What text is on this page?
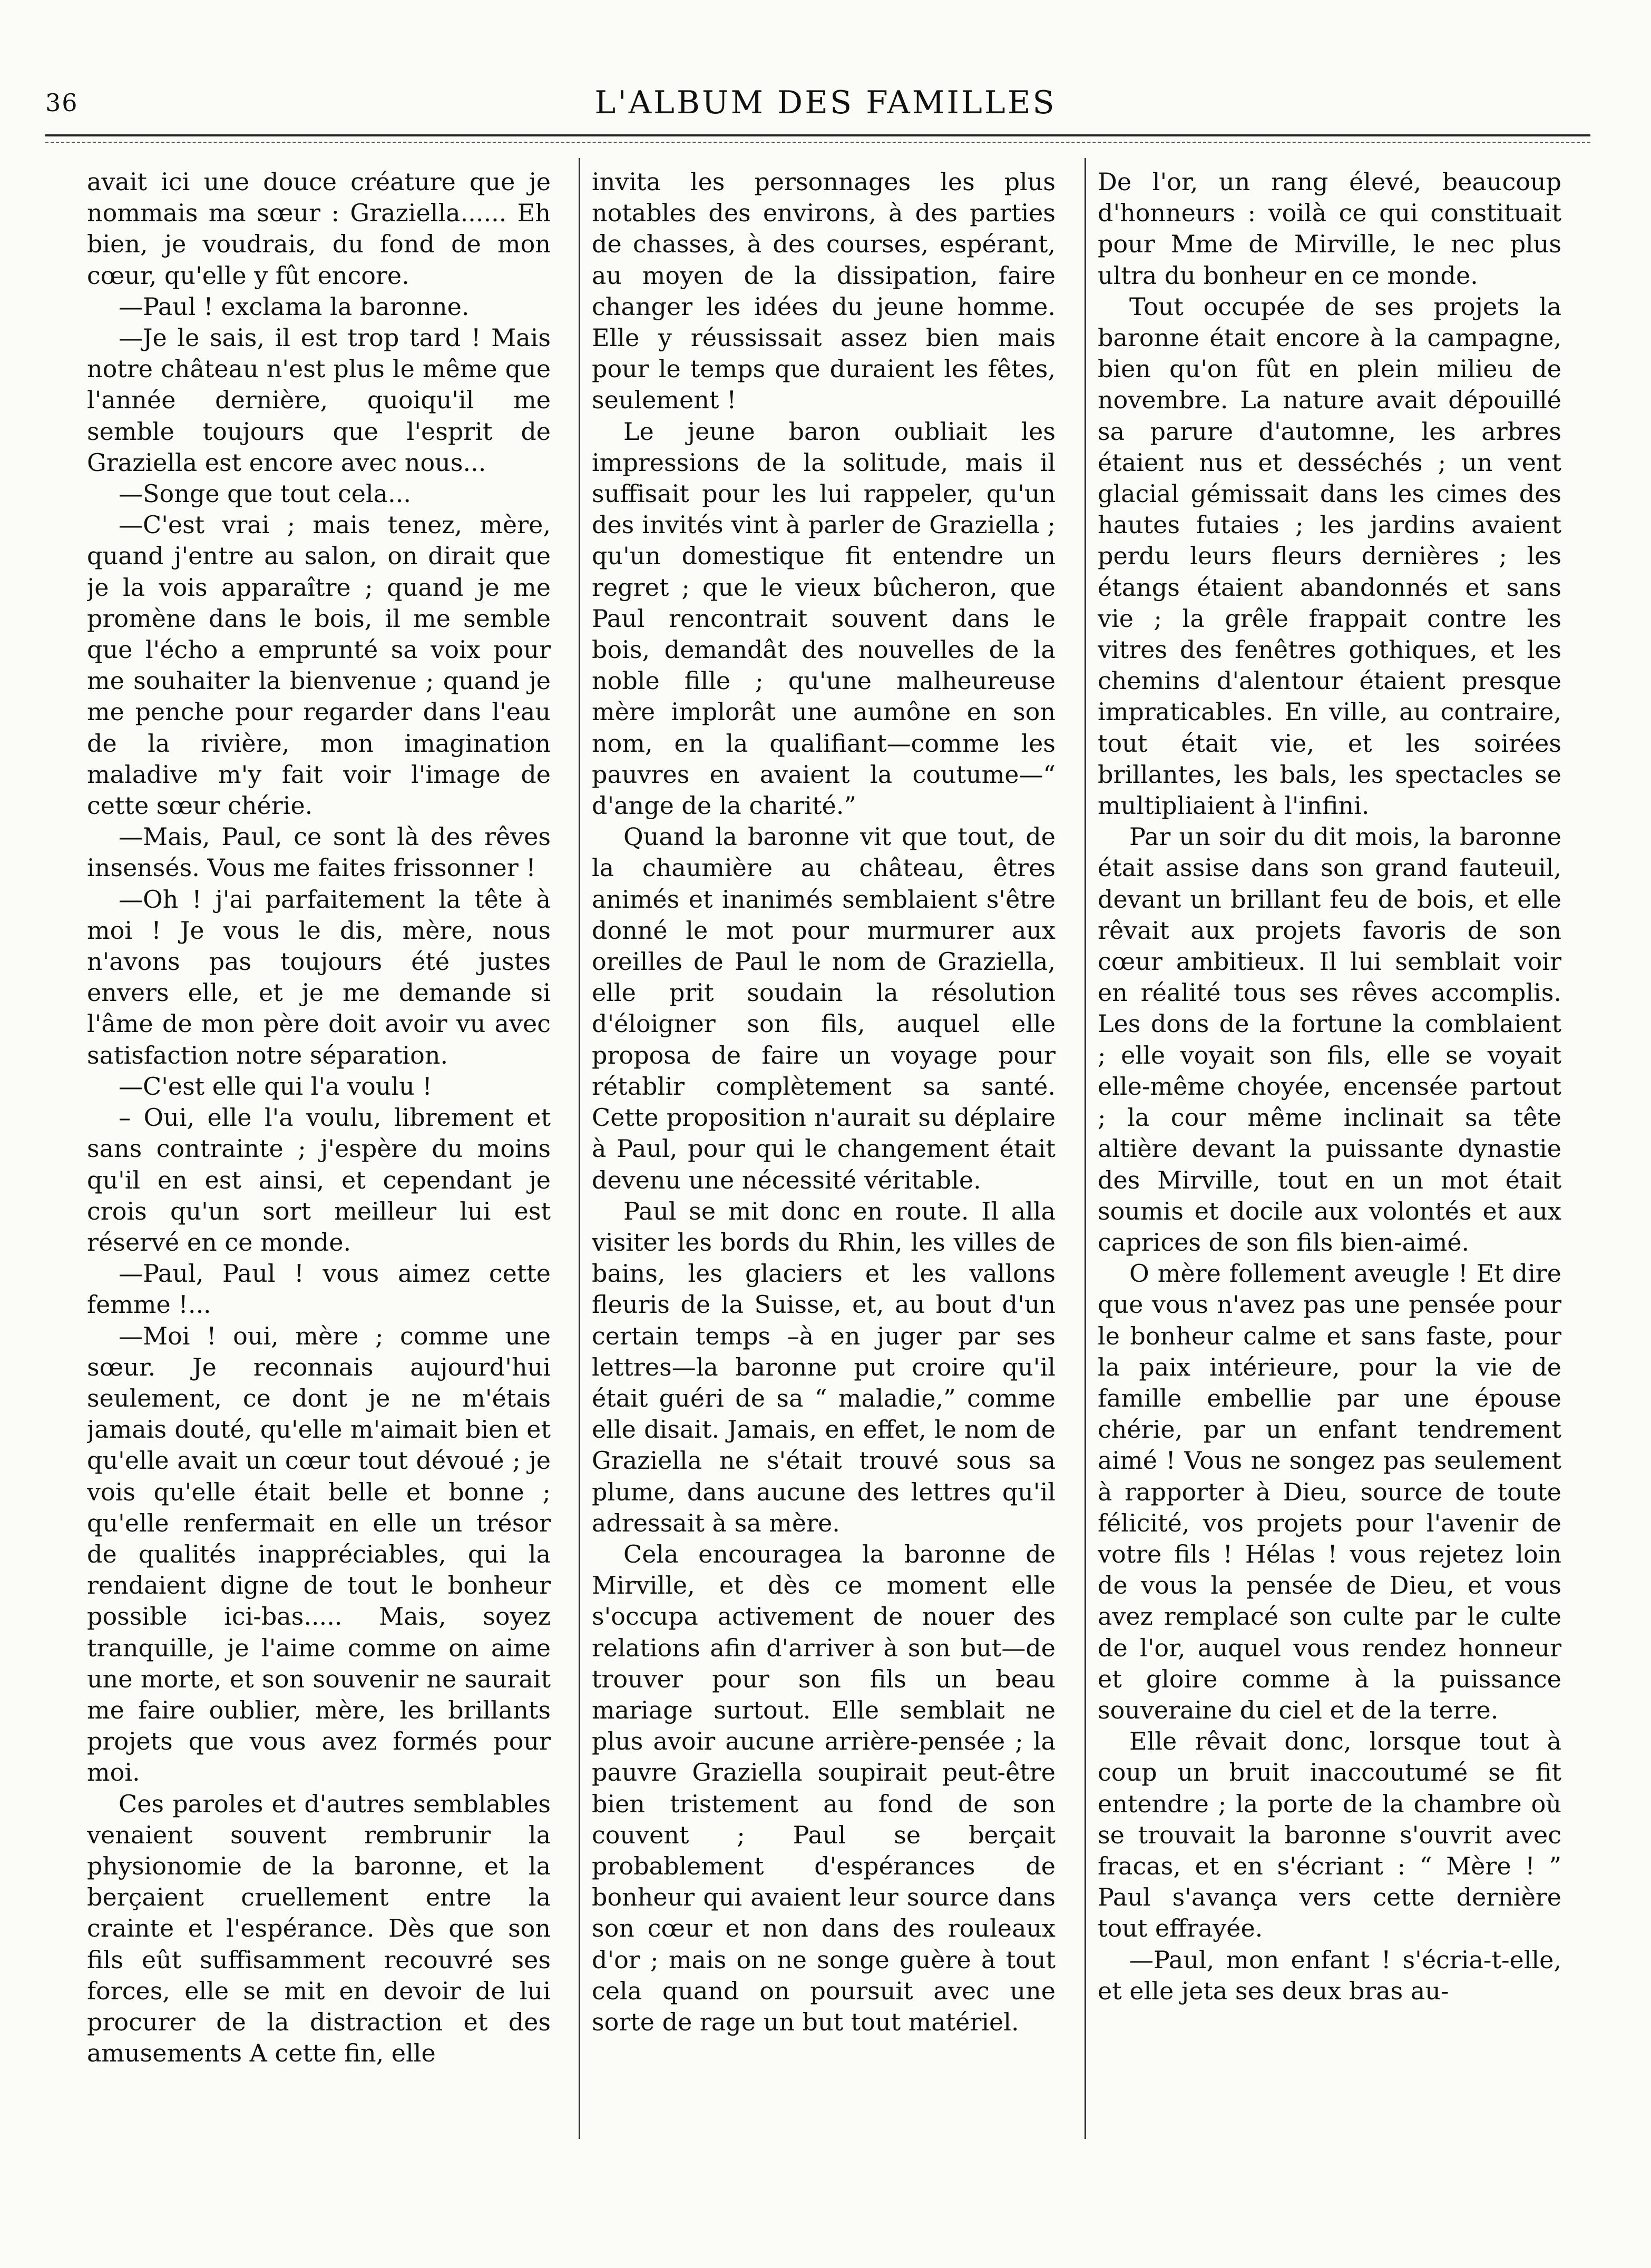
36	L'ALBUM DES FAMILLES

avait ici une douce créature que je nommais ma sœur : Graziella...... Eh bien, je voudrais, du fond de mon cœur, qu'elle y fût encore.

—Paul ! exclama la baronne.

—Je le sais, il est trop tard ! Mais notre château n'est plus le même que l'année dernière, quoiqu'il me semble toujours que l'esprit de Graziella est encore avec nous...

—Songe que tout cela...

—C'est vrai ; mais tenez, mère, quand j'entre au salon, on dirait que je la vois apparaître ; quand je me promène dans le bois, il me semble que l'écho a emprunté sa voix pour me souhaiter la bienvenue ; quand je me penche pour regarder dans l'eau de la rivière, mon imagination maladive m'y fait voir l'image de cette sœur chérie.

—Mais, Paul, ce sont là des rêves insensés. Vous me faites frissonner !

—Oh ! j'ai parfaitement la tête à moi ! Je vous le dis, mère, nous n'avons pas toujours été justes envers elle, et je me demande si l'âme de mon père doit avoir vu avec satisfaction notre séparation.

—C'est elle qui l'a voulu !

– Oui, elle l'a voulu, librement et sans contrainte ; j'espère du moins qu'il en est ainsi, et cependant je crois qu'un sort meilleur lui est réservé en ce monde.

—Paul, Paul ! vous aimez cette femme !...

—Moi ! oui, mère ; comme une sœur. Je reconnais aujourd'hui seulement, ce dont je ne m'étais jamais douté, qu'elle m'aimait bien et qu'elle avait un cœur tout dévoué ; je vois qu'elle était belle et bonne ; qu'elle renfermait en elle un trésor de qualités inappréciables, qui la rendaient digne de tout le bonheur possible ici-bas..... Mais, soyez tranquille, je l'aime comme on aime une morte, et son souvenir ne saurait me faire oublier, mère, les brillants projets que vous avez formés pour moi.

Ces paroles et d'autres semblables venaient souvent rembrunir la physionomie de la baronne, et la berçaient cruellement entre la crainte et l'espérance. Dès que son fils eût suffisamment recouvré ses forces, elle se mit en devoir de lui procurer de la distraction et des amusements A cette fin, elle

invita les personnages les plus notables des environs, à des parties de chasses, à des courses, espérant, au moyen de la dissipation, faire changer les idées du jeune homme. Elle y réussissait assez bien mais pour le temps que duraient les fêtes, seulement !

Le jeune baron oubliait les impressions de la solitude, mais il suffisait pour les lui rappeler, qu'un des invités vint à parler de Graziella ; qu'un domestique fit entendre un regret ; que le vieux bûcheron, que Paul rencontrait souvent dans le bois, demandât des nouvelles de la noble fille ; qu'une malheureuse mère implorât une aumône en son nom, en la qualifiant—comme les pauvres en avaient la coutume—“ d'ange de la charité.”

Quand la baronne vit que tout, de la chaumière au château, êtres animés et inanimés semblaient s'être donné le mot pour murmurer aux oreilles de Paul le nom de Graziella, elle prit soudain la résolution d'éloigner son fils, auquel elle proposa de faire un voyage pour rétablir complètement sa santé. Cette proposition n'aurait su déplaire à Paul, pour qui le changement était devenu une nécessité véritable.

Paul se mit donc en route. Il alla visiter les bords du Rhin, les villes de bains, les glaciers et les vallons fleuris de la Suisse, et, au bout d'un certain temps –à en juger par ses lettres—la baronne put croire qu'il était guéri de sa “ maladie,” comme elle disait. Jamais, en effet, le nom de Graziella ne s'était trouvé sous sa plume, dans aucune des lettres qu'il adressait à sa mère.

Cela encouragea la baronne de Mirville, et dès ce moment elle s'occupa activement de nouer des relations afin d'arriver à son but—de trouver pour son fils un beau mariage surtout. Elle semblait ne plus avoir aucune arrière-pensée ; la pauvre Graziella soupirait peut-être bien tristement au fond de son couvent ; Paul se berçait probablement d'espérances de bonheur qui avaient leur source dans son cœur et non dans des rouleaux d'or ; mais on ne songe guère à tout cela quand on poursuit avec une sorte de rage un but tout matériel.

De l'or, un rang élevé, beaucoup d'honneurs : voilà ce qui constituait pour Mme de Mirville, le nec plus ultra du bonheur en ce monde.

Tout occupée de ses projets la baronne était encore à la campagne, bien qu'on fût en plein milieu de novembre. La nature avait dépouillé sa parure d'automne, les arbres étaient nus et desséchés ; un vent glacial gémissait dans les cimes des hautes futaies ; les jardins avaient perdu leurs fleurs dernières ; les étangs étaient abandonnés et sans vie ; la grêle frappait contre les vitres des fenêtres gothiques, et les chemins d'alentour étaient presque impraticables. En ville, au contraire, tout était vie, et les soirées brillantes, les bals, les spectacles se multipliaient à l'infini.

Par un soir du dit mois, la baronne était assise dans son grand fauteuil, devant un brillant feu de bois, et elle rêvait aux projets favoris de son cœur ambitieux. Il lui semblait voir en réalité tous ses rêves accomplis. Les dons de la fortune la comblaient ; elle voyait son fils, elle se voyait elle-même choyée, encensée partout ; la cour même inclinait sa tête altière devant la puissante dynastie des Mirville, tout en un mot était soumis et docile aux volontés et aux caprices de son fils bien-aimé.

O mère follement aveugle ! Et dire que vous n'avez pas une pensée pour le bonheur calme et sans faste, pour la paix intérieure, pour la vie de famille embellie par une épouse chérie, par un enfant tendrement aimé ! Vous ne songez pas seulement à rapporter à Dieu, source de toute félicité, vos projets pour l'avenir de votre fils ! Hélas ! vous rejetez loin de vous la pensée de Dieu, et vous avez remplacé son culte par le culte de l'or, auquel vous rendez honneur et gloire comme à la puissance souveraine du ciel et de la terre.

Elle rêvait donc, lorsque tout à coup un bruit inaccoutumé se fit entendre ; la porte de la chambre où se trouvait la baronne s'ouvrit avec fracas, et en s'écriant : “ Mère ! ” Paul s'avança vers cette dernière tout effrayée.

—Paul, mon enfant ! s'écria-t-elle, et elle jeta ses deux bras au-
